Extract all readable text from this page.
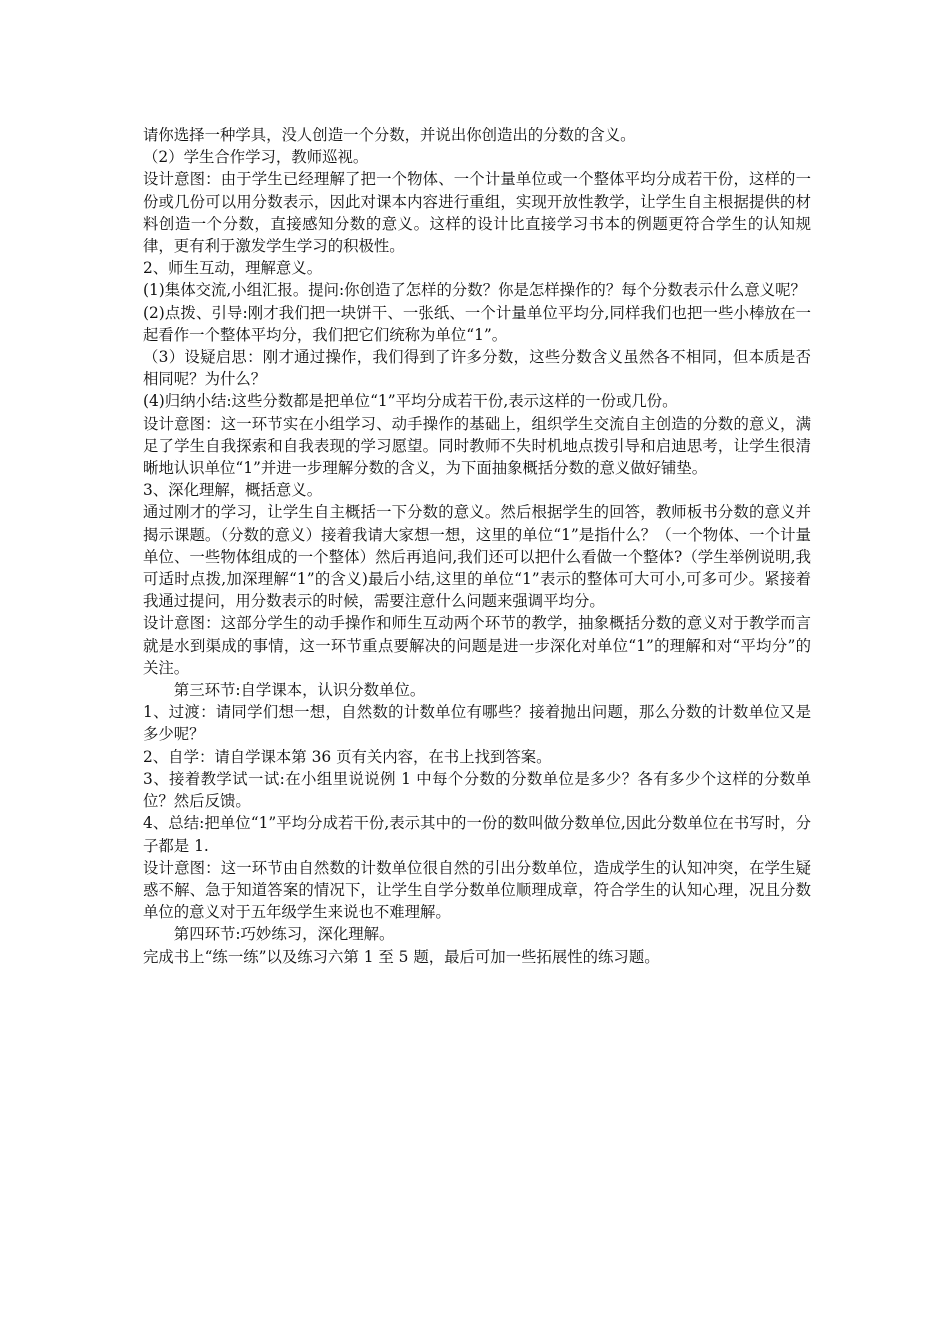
请你选择一种学具，没人创造一个分数，并说出你创造出的分数的含义。

（2）学生合作学习，教师巡视。

设计意图：由于学生已经理解了把一个物体、一个计量单位或一个整体平均分成若干份，这样的一份或几份可以用分数表示，因此对课本内容进行重组，实现开放性教学，让学生自主根据提供的材料创造一个分数，直接感知分数的意义。这样的设计比直接学习书本的例题更符合学生的认知规律，更有利于激发学生学习的积极性。

2、师生互动，理解意义。

(1)集体交流,小组汇报。提问:你创造了怎样的分数？你是怎样操作的？每个分数表示什么意义呢？

(2)点拨、引导:刚才我们把一块饼干、一张纸、一个计量单位平均分,同样我们也把一些小棒放在一起看作一个整体平均分，我们把它们统称为单位“1”。

（3）设疑启思：刚才通过操作，我们得到了许多分数，这些分数含义虽然各不相同，但本质是否相同呢？为什么？

(4)归纳小结:这些分数都是把单位“1”平均分成若干份,表示这样的一份或几份。

设计意图：这一环节实在小组学习、动手操作的基础上，组织学生交流自主创造的分数的意义，满足了学生自我探索和自我表现的学习愿望。同时教师不失时机地点拨引导和启迪思考，让学生很清晰地认识单位“1”并进一步理解分数的含义，为下面抽象概括分数的意义做好铺垫。

3、深化理解，概括意义。

通过刚才的学习，让学生自主概括一下分数的意义。然后根据学生的回答，教师板书分数的意义并揭示课题。（分数的意义）接着我请大家想一想，这里的单位“1”是指什么？（一个物体、一个计量单位、一些物体组成的一个整体）然后再追问,我们还可以把什么看做一个整体?（学生举例说明,我可适时点拨,加深理解“1”的含义)最后小结,这里的单位“1”表示的整体可大可小,可多可少。紧接着我通过提问，用分数表示的时候，需要注意什么问题来强调平均分。

设计意图：这部分学生的动手操作和师生互动两个环节的教学，抽象概括分数的意义对于教学而言就是水到渠成的事情，这一环节重点要解决的问题是进一步深化对单位“1”的理解和对“平均分”的关注。

第三环节:自学课本，认识分数单位。

1、过渡：请同学们想一想，自然数的计数单位有哪些？接着抛出问题，那么分数的计数单位又是多少呢？

2、自学：请自学课本第 36 页有关内容，在书上找到答案。

3、接着教学试一试:在小组里说说例 1 中每个分数的分数单位是多少？各有多少个这样的分数单位？然后反馈。

4、总结:把单位“1”平均分成若干份,表示其中的一份的数叫做分数单位,因此分数单位在书写时，分子都是 1.

设计意图：这一环节由自然数的计数单位很自然的引出分数单位，造成学生的认知冲突，在学生疑惑不解、急于知道答案的情况下，让学生自学分数单位顺理成章，符合学生的认知心理，况且分数单位的意义对于五年级学生来说也不难理解。

第四环节:巧妙练习，深化理解。

完成书上“练一练”以及练习六第 1 至 5 题，最后可加一些拓展性的练习题。
